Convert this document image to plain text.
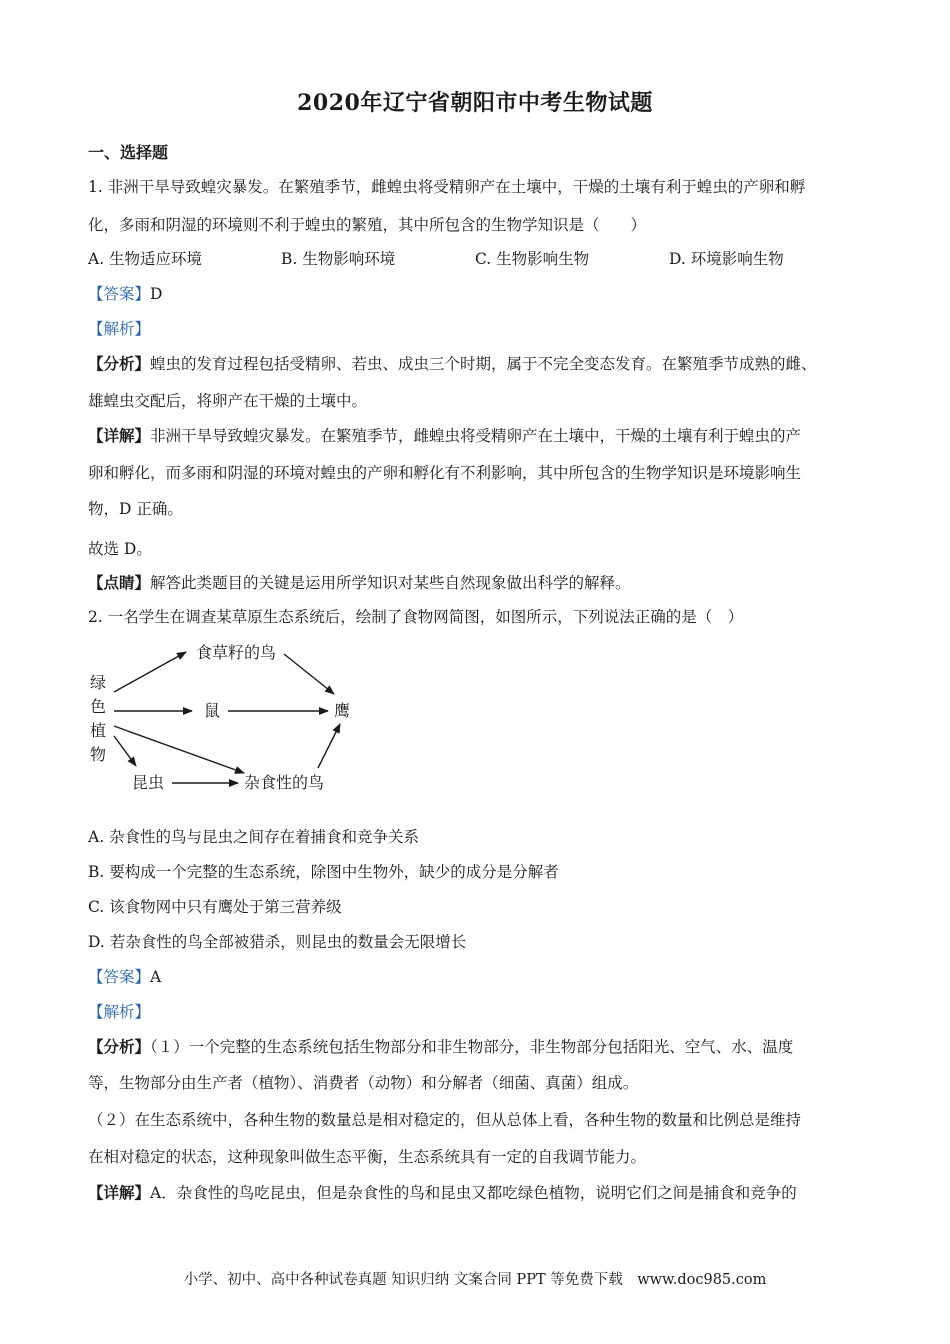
2020年辽宁省朝阳市中考生物试题
一、选择题
1. 非洲干旱导致蝗灾暴发。在繁殖季节，雌蝗虫将受精卵产在土壤中，干燥的土壤有利于蝗虫的产卵和孵
化，多雨和阴湿的环境则不利于蝗虫的繁殖，其中所包含的生物学知识是（　　）
A. 生物适应环境	B. 生物影响环境	C. 生物影响生物	D. 环境影响生物
【答案】D
【解析】
【分析】蝗虫的发育过程包括受精卵、若虫、成虫三个时期，属于不完全变态发育。在繁殖季节成熟的雌、
雄蝗虫交配后，将卵产在干燥的土壤中。
【详解】非洲干旱导致蝗灾暴发。在繁殖季节，雌蝗虫将受精卵产在土壤中，干燥的土壤有利于蝗虫的产
卵和孵化，而多雨和阴湿的环境对蝗虫的产卵和孵化有不利影响，其中所包含的生物学知识是环境影响生
物，D 正确。
故选 D。
【点睛】解答此类题目的关键是运用所学知识对某些自然现象做出科学的解释。
2. 一名学生在调查某草原生态系统后，绘制了食物网简图，如图所示，下列说法正确的是（　）
绿
色
植
物
食草籽的鸟
鼠	鹰
昆虫	杂食性的鸟
A. 杂食性的鸟与昆虫之间存在着捕食和竞争关系
B. 要构成一个完整的生态系统，除图中生物外，缺少的成分是分解者
C. 该食物网中只有鹰处于第三营养级
D. 若杂食性的鸟全部被猎杀，则昆虫的数量会无限增长
【答案】A
【解析】
【分析】（１）一个完整的生态系统包括生物部分和非生物部分，非生物部分包括阳光、空气、水、温度
等，生物部分由生产者（植物）、消费者（动物）和分解者（细菌、真菌）组成。
（２）在生态系统中，各种生物的数量总是相对稳定的，但从总体上看，各种生物的数量和比例总是维持
在相对稳定的状态，这种现象叫做生态平衡，生态系统具有一定的自我调节能力。
【详解】A．杂食性的鸟吃昆虫，但是杂食性的鸟和昆虫又都吃绿色植物，说明它们之间是捕食和竞争的
小学、初中、高中各种试卷真题 知识归纳 文案合同 PPT 等免费下载　www.doc985.com
